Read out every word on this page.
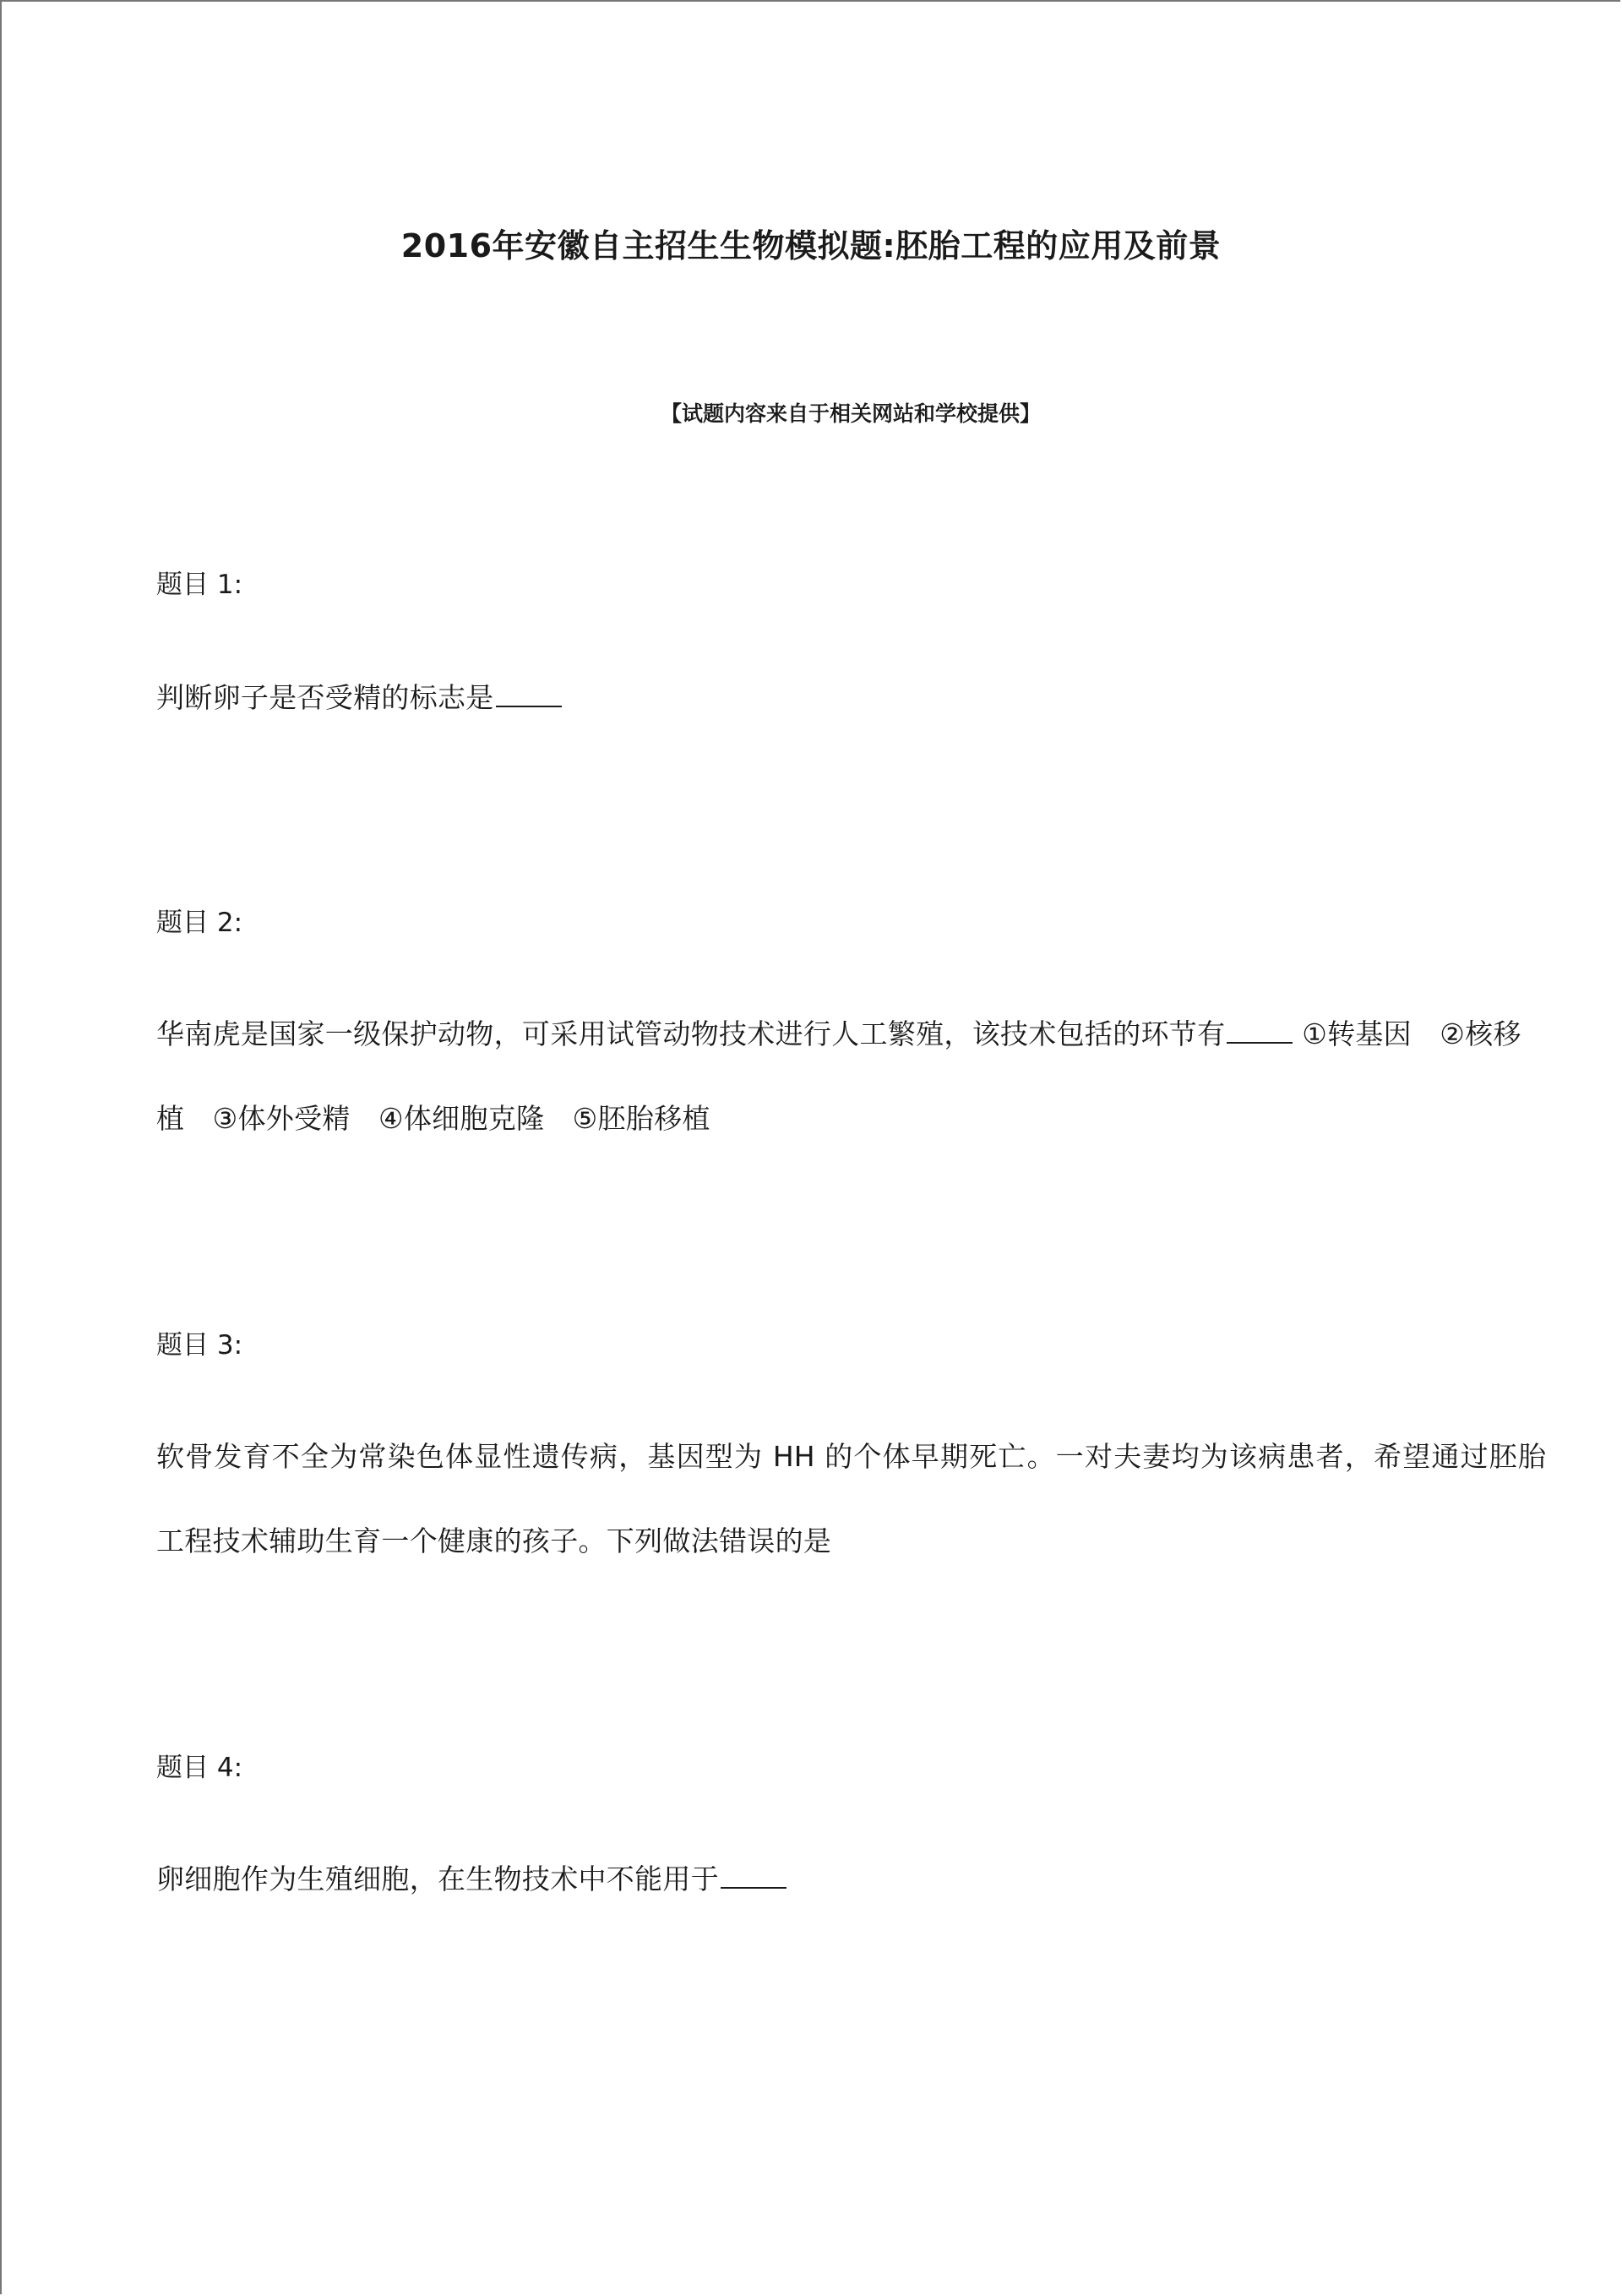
2016年安徽自主招生生物模拟题:胚胎工程的应用及前景
【试题内容来自于相关网站和学校提供】
题目 1:
判断卵子是否受精的标志是
题目 2:
华南虎是国家一级保护动物，可采用试管动物技术进行人工繁殖，该技术包括的环节有	①转基因　②核移
植　③体外受精　④体细胞克隆　⑤胚胎移植
题目 3:
软骨发育不全为常染色体显性遗传病，基因型为 HH 的个体早期死亡。一对夫妻均为该病患者，希望通过胚胎
工程技术辅助生育一个健康的孩子。下列做法错误的是
题目 4:
卵细胞作为生殖细胞，在生物技术中不能用于
